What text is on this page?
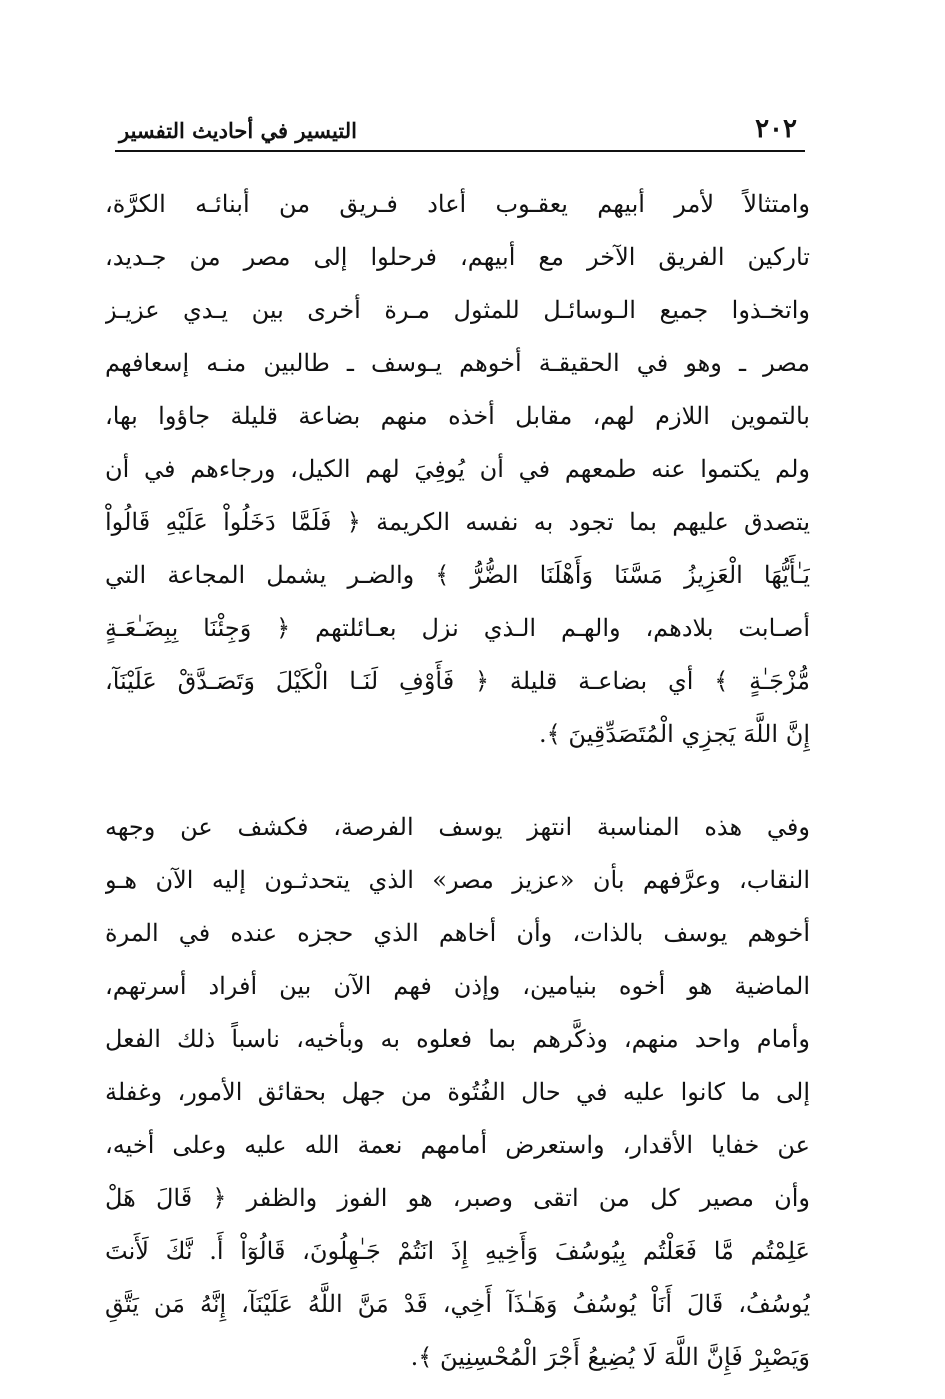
٢٠٢
التيسير في أحاديث التفسير
وامتثالاً لأمر أبيهم يعقـوب أعاد فـريق من أبنائـه الكرَّة،
تاركين الفريق الآخر مع أبيهم، فرحلوا إلى مصر من جـديد،
واتخـذوا جميع الـوسائـل للمثول مـرة أخرى بين يـدي عزيـز
مصر ـ وهو في الحقيقـة أخوهم يـوسف ـ طالبين منـه إسعافهم
بالتموين اللازم لهم، مقابل أخذه منهم بضاعة قليلة جاؤوا بها،
ولم يكتموا عنه طمعهم في أن يُوفِيَ لهم الكيل، ورجاءهم في أن
يتصدق عليهم بما تجود به نفسه الكريمة ﴿ فَلَمَّا دَخَلُواْ عَلَيْهِ قَالُواْ
يَـٰأَيُّهَا الْعَزِيزُ مَسَّنَا وَأَهْلَنَا الضُّرُّ ﴾ والضـر يشمل المجاعة التي
أصـابت بلادهم، والهـم الـذي نزل بعـائلتهم ﴿ وَجِئْنَا بِبِضَـٰعَـةٍ
مُّزْجَـٰةٍ ﴾ أي بضاعـة قليلة ﴿ فَأَوْفِ لَنَـا الْكَيْلَ وَتَصَـدَّقْ عَلَيْنَآ،
إِنَّ اللَّهَ يَجزِي الْمُتَصَدِّقِينَ ﴾.
وفي هذه المناسبة انتهز يوسف الفرصة، فكشف عن وجهه
النقاب، وعرَّفهم بأن «عزيز مصر» الذي يتحدثـون إليه الآن هـو
أخوهم يوسف بالذات، وأن أخاهم الذي حجزه عنده في المرة
الماضية هو أخوه بنيامين، وإذن فهم الآن بين أفراد أسرتهم،
وأمام واحد منهم، وذكَّرهم بما فعلوه به وبأخيه، ناسباً ذلك الفعل
إلى ما كانوا عليه في حال الفُتُوة من جهل بحقائق الأمور، وغفلة
عن خفايا الأقدار، واستعرض أمامهم نعمة الله عليه وعلى أخيه،
وأن مصير كل من اتقى وصبر، هو الفوز والظفر ﴿ قَالَ هَلْ
عَلِمْتُم مَّا فَعَلْتُم بِيُوسُفَ وَأَخِيهِ إِذَ انَتُمْ جَـٰهِلُونَ، قَالُوٓاْ أَ. نَّكَ لَأَنتَ
يُوسُفُ، قَالَ أَنَاْ يُوسُفُ وَهَـٰذَآ أَخِي، قَدْ مَنَّ اللَّهُ عَلَيْنَآ، إِنَّهُ مَن يَتَّقِ
وَيَصْبِرْ فَإِنَّ اللَّهَ لَا يُضِيعُ أَجْرَ الْمُحْسِنِينَ ﴾.
